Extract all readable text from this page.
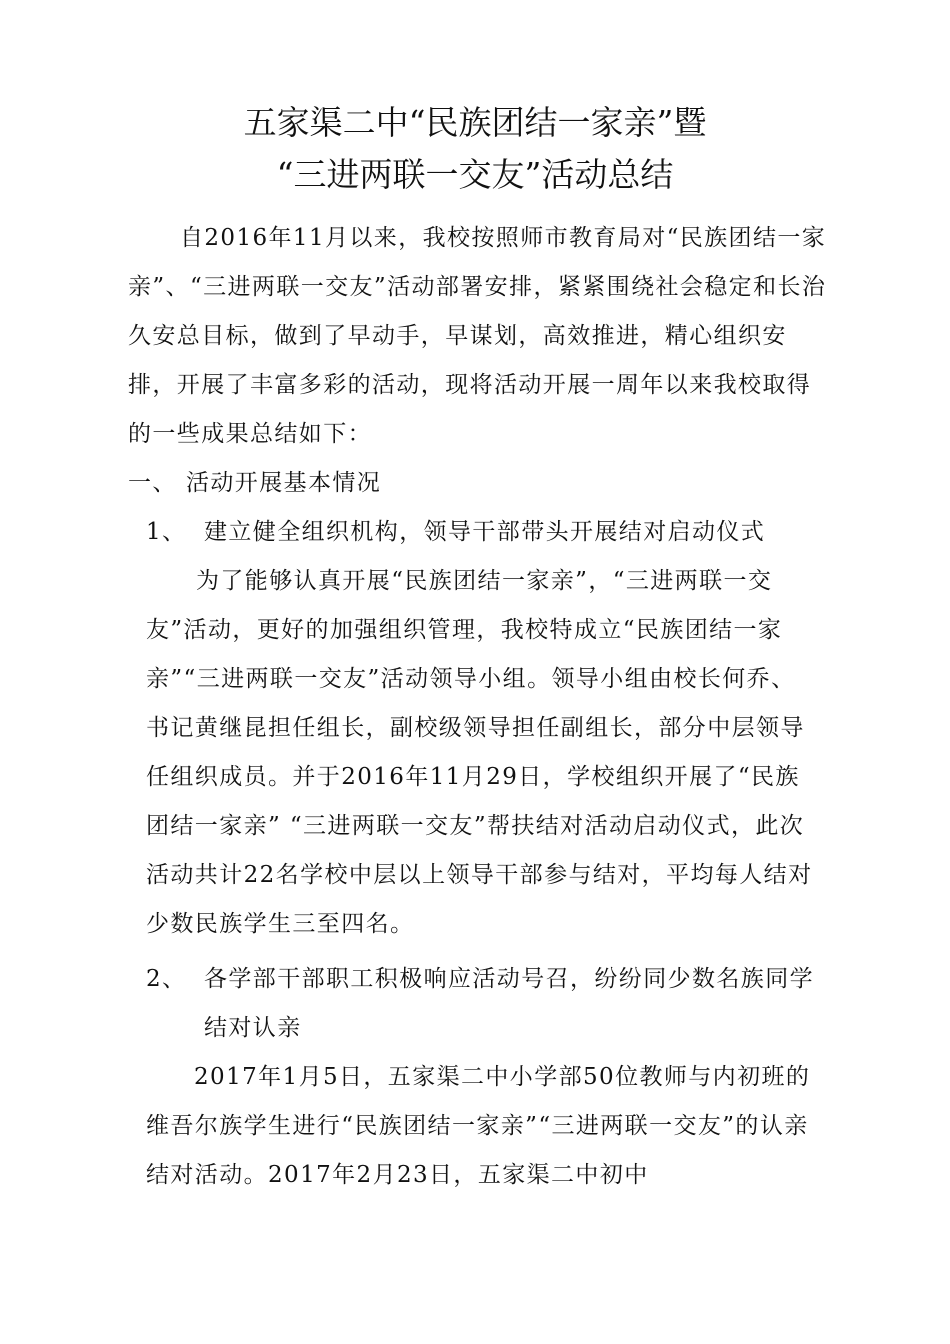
五家渠二中“民族团结一家亲”暨
“三进两联一交友”活动总结
自2016年11月以来，我校按照师市教育局对“民族团结一家亲”、“三进两联一交友”活动部署安排，紧紧围绕社会稳定和长治久安总目标，做到了早动手，早谋划，高效推进，精心组织安排，开展了丰富多彩的活动，现将活动开展一周年以来我校取得的一些成果总结如下：
一、 活动开展基本情况
1、 建立健全组织机构，领导干部带头开展结对启动仪式
为了能够认真开展“民族团结一家亲”，“三进两联一交友”活动，更好的加强组织管理，我校特成立“民族团结一家亲”“三进两联一交友”活动领导小组。领导小组由校长何乔、书记黄继昆担任组长，副校级领导担任副组长，部分中层领导任组织成员。并于2016年11月29日，学校组织开展了“民族团结一家亲” “三进两联一交友”帮扶结对活动启动仪式，此次活动共计22名学校中层以上领导干部参与结对，平均每人结对少数民族学生三至四名。
2、 各学部干部职工积极响应活动号召，纷纷同少数名族同学结对认亲
2017年1月5日，五家渠二中小学部50位教师与内初班的维吾尔族学生进行“民族团结一家亲”“三进两联一交友”的认亲结对活动。2017年2月23日，五家渠二中初中
